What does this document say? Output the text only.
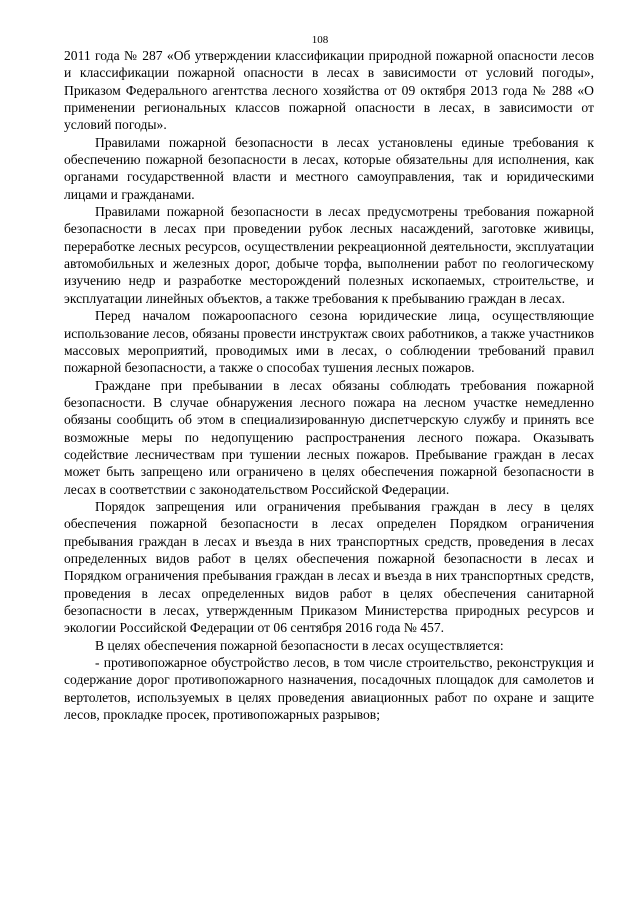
108

2011 года № 287 «Об утверждении классификации природной пожарной опасности лесов и классификации пожарной опасности в лесах в зависимости от условий погоды», Приказом Федерального агентства лесного хозяйства от 09 октября 2013 года № 288 «О применении региональных классов пожарной опасности в лесах, в зависимости от условий погоды».

Правилами пожарной безопасности в лесах установлены единые требования к обеспечению пожарной безопасности в лесах, которые обязательны для исполнения, как органами государственной власти и местного самоуправления, так и юридическими лицами и гражданами.

Правилами пожарной безопасности в лесах предусмотрены требования пожарной безопасности в лесах при проведении рубок лесных насаждений, заготовке живицы, переработке лесных ресурсов, осуществлении рекреационной деятельности, эксплуатации автомобильных и железных дорог, добыче торфа, выполнении работ по геологическому изучению недр и разработке месторождений полезных ископаемых, строительстве, и эксплуатации линейных объектов, а также требования к пребыванию граждан в лесах.

Перед началом пожароопасного сезона юридические лица, осуществляющие использование лесов, обязаны провести инструктаж своих работников, а также участников массовых мероприятий, проводимых ими в лесах, о соблюдении требований правил пожарной безопасности, а также о способах тушения лесных пожаров.

Граждане при пребывании в лесах обязаны соблюдать требования пожарной безопасности. В случае обнаружения лесного пожара на лесном участке немедленно обязаны сообщить об этом в специализированную диспетчерскую службу и принять все возможные меры по недопущению распространения лесного пожара. Оказывать содействие лесничествам при тушении лесных пожаров. Пребывание граждан в лесах может быть запрещено или ограничено в целях обеспечения пожарной безопасности в лесах в соответствии с законодательством Российской Федерации.

Порядок запрещения или ограничения пребывания граждан в лесу в целях обеспечения пожарной безопасности в лесах определен Порядком ограничения пребывания граждан в лесах и въезда в них транспортных средств, проведения в лесах определенных видов работ в целях обеспечения пожарной безопасности в лесах и Порядком ограничения пребывания граждан в лесах и въезда в них транспортных средств, проведения в лесах определенных видов работ в целях обеспечения санитарной безопасности в лесах, утвержденным Приказом Министерства природных ресурсов и экологии Российской Федерации от 06 сентября 2016 года № 457.

В целях обеспечения пожарной безопасности в лесах осуществляется:

- противопожарное обустройство лесов, в том числе строительство, реконструкция и содержание дорог противопожарного назначения, посадочных площадок для самолетов и вертолетов, используемых в целях проведения авиационных работ по охране и защите лесов, прокладке просек, противопожарных разрывов;
